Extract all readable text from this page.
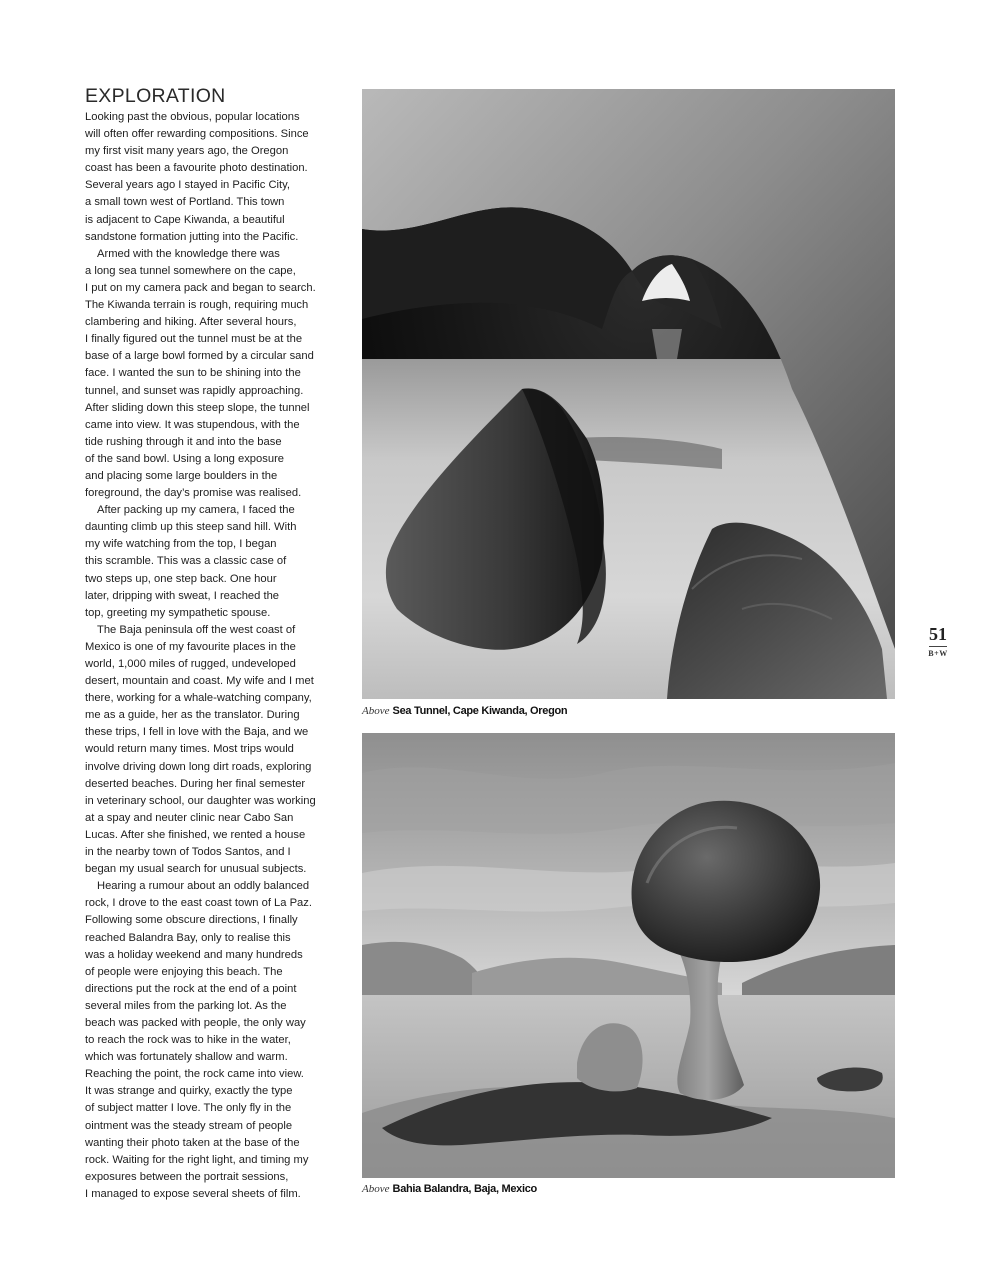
EXPLORATION

Looking past the obvious, popular locations
will often offer rewarding compositions. Since
my first visit many years ago, the Oregon
coast has been a favourite photo destination.
Several years ago I stayed in Pacific City,
a small town west of Portland. This town
is adjacent to Cape Kiwanda, a beautiful
sandstone formation jutting into the Pacific.

Armed with the knowledge there was
a long sea tunnel somewhere on the cape,
I put on my camera pack and began to search.
The Kiwanda terrain is rough, requiring much
clambering and hiking. After several hours,
I finally figured out the tunnel must be at the
base of a large bowl formed by a circular sand
face. I wanted the sun to be shining into the
tunnel, and sunset was rapidly approaching.
After sliding down this steep slope, the tunnel
came into view. It was stupendous, with the
tide rushing through it and into the base
of the sand bowl. Using a long exposure
and placing some large boulders in the
foreground, the day’s promise was realised.

After packing up my camera, I faced the
daunting climb up this steep sand hill. With
my wife watching from the top, I began
this scramble. This was a classic case of
two steps up, one step back. One hour
later, dripping with sweat, I reached the
top, greeting my sympathetic spouse.

The Baja peninsula off the west coast of
Mexico is one of my favourite places in the
world, 1,000 miles of rugged, undeveloped
desert, mountain and coast. My wife and I met
there, working for a whale-watching company,
me as a guide, her as the translator. During
these trips, I fell in love with the Baja, and we
would return many times. Most trips would
involve driving down long dirt roads, exploring
deserted beaches. During her final semester
in veterinary school, our daughter was working
at a spay and neuter clinic near Cabo San
Lucas. After she finished, we rented a house
in the nearby town of Todos Santos, and I
began my usual search for unusual subjects.

Hearing a rumour about an oddly balanced
rock, I drove to the east coast town of La Paz.
Following some obscure directions, I finally
reached Balandra Bay, only to realise this
was a holiday weekend and many hundreds
of people were enjoying this beach. The
directions put the rock at the end of a point
several miles from the parking lot. As the
beach was packed with people, the only way
to reach the rock was to hike in the water,
which was fortunately shallow and warm.
Reaching the point, the rock came into view.
It was strange and quirky, exactly the type
of subject matter I love. The only fly in the
ointment was the steady stream of people
wanting their photo taken at the base of the
rock. Waiting for the right light, and timing my
exposures between the portrait sessions,
I managed to expose several sheets of film.

Above Sea Tunnel, Cape Kiwanda, Oregon
Above Bahia Balandra, Baja, Mexico
51
B+W
